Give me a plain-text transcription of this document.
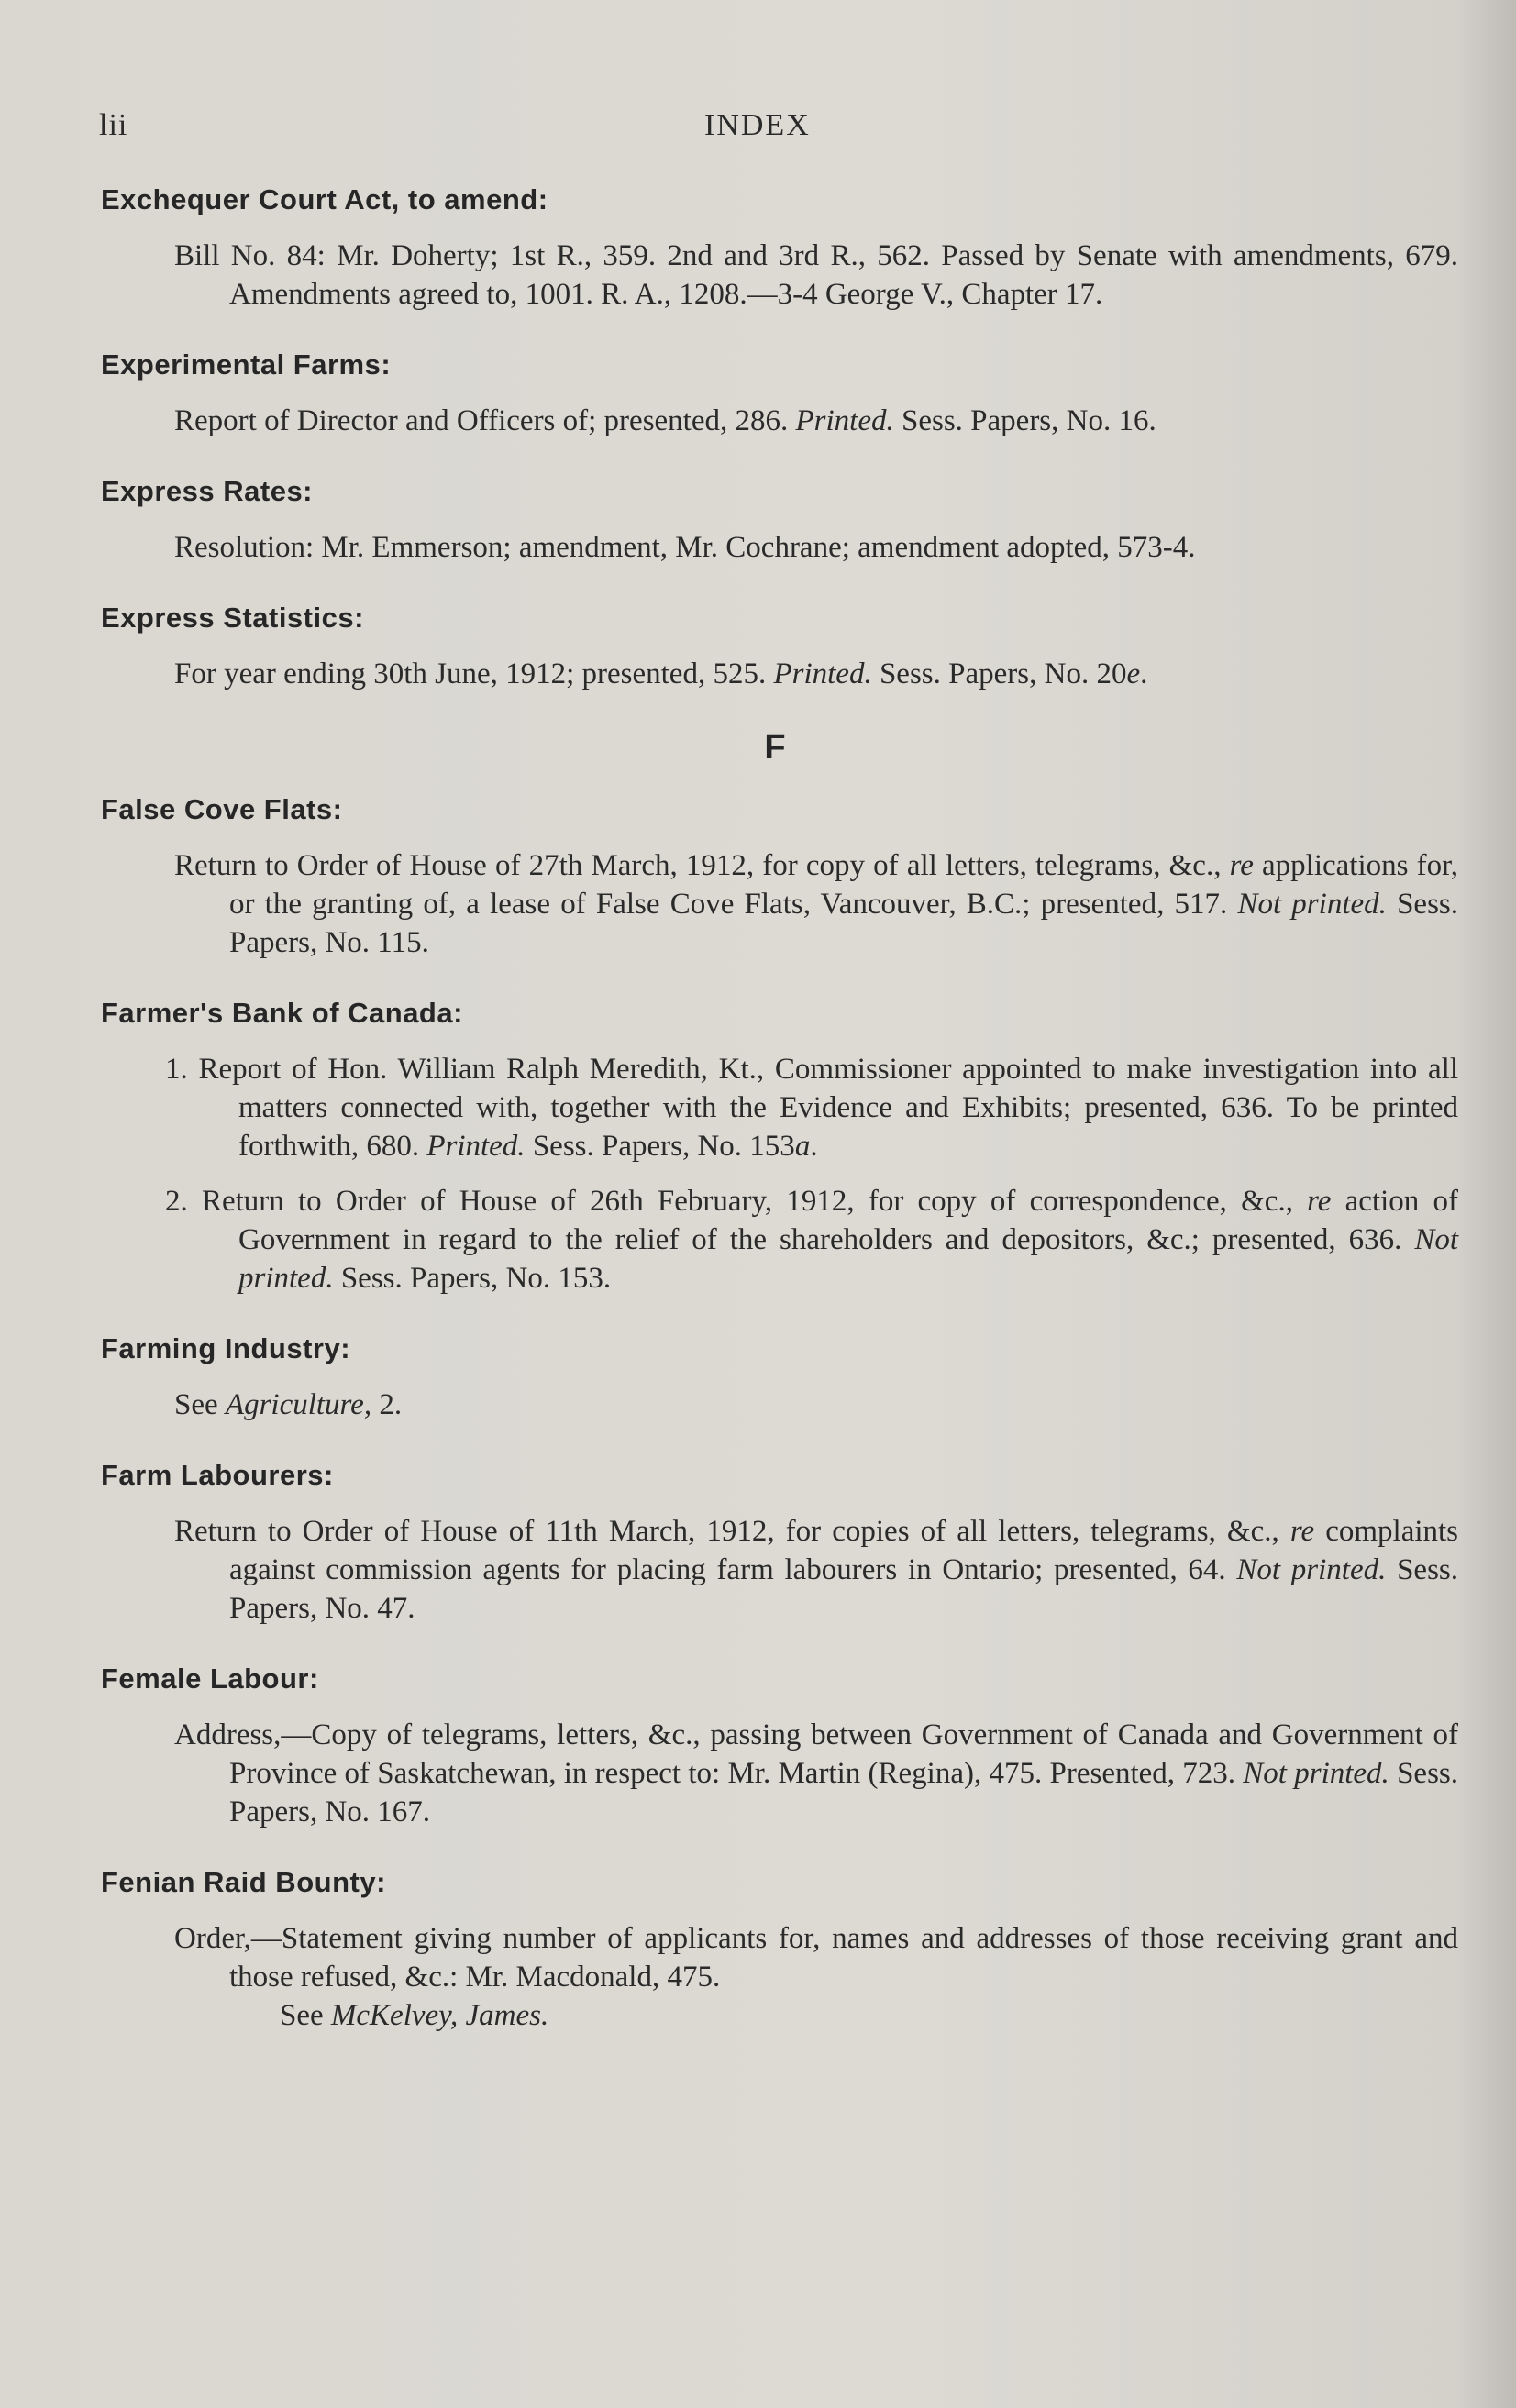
lii	INDEX
Exchequer Court Act, to amend:
Bill No. 84: Mr. Doherty; 1st R., 359. 2nd and 3rd R., 562. Passed by Senate with amendments, 679. Amendments agreed to, 1001. R. A., 1208.—3-4 George V., Chapter 17.
Experimental Farms:
Report of Director and Officers of; presented, 286. Printed. Sess. Papers, No. 16.
Express Rates:
Resolution: Mr. Emmerson; amendment, Mr. Cochrane; amendment adopted, 573-4.
Express Statistics:
For year ending 30th June, 1912; presented, 525. Printed. Sess. Papers, No. 20e.
F
False Cove Flats:
Return to Order of House of 27th March, 1912, for copy of all letters, telegrams, &c., re applications for, or the granting of, a lease of False Cove Flats, Vancouver, B.C.; presented, 517. Not printed. Sess. Papers, No. 115.
Farmer's Bank of Canada:
1. Report of Hon. William Ralph Meredith, Kt., Commissioner appointed to make investigation into all matters connected with, together with the Evidence and Exhibits; presented, 636. To be printed forthwith, 680. Printed. Sess. Papers, No. 153a.
2. Return to Order of House of 26th February, 1912, for copy of correspondence, &c., re action of Government in regard to the relief of the shareholders and depositors, &c.; presented, 636. Not printed. Sess. Papers, No. 153.
Farming Industry:
See Agriculture, 2.
Farm Labourers:
Return to Order of House of 11th March, 1912, for copies of all letters, telegrams, &c., re complaints against commission agents for placing farm labourers in Ontario; presented, 64. Not printed. Sess. Papers, No. 47.
Female Labour:
Address,—Copy of telegrams, letters, &c., passing between Government of Canada and Government of Province of Saskatchewan, in respect to: Mr. Martin (Regina), 475. Presented, 723. Not printed. Sess. Papers, No. 167.
Fenian Raid Bounty:
Order,—Statement giving number of applicants for, names and addresses of those receiving grant and those refused, &c.: Mr. Macdonald, 475.
See McKelvey, James.
